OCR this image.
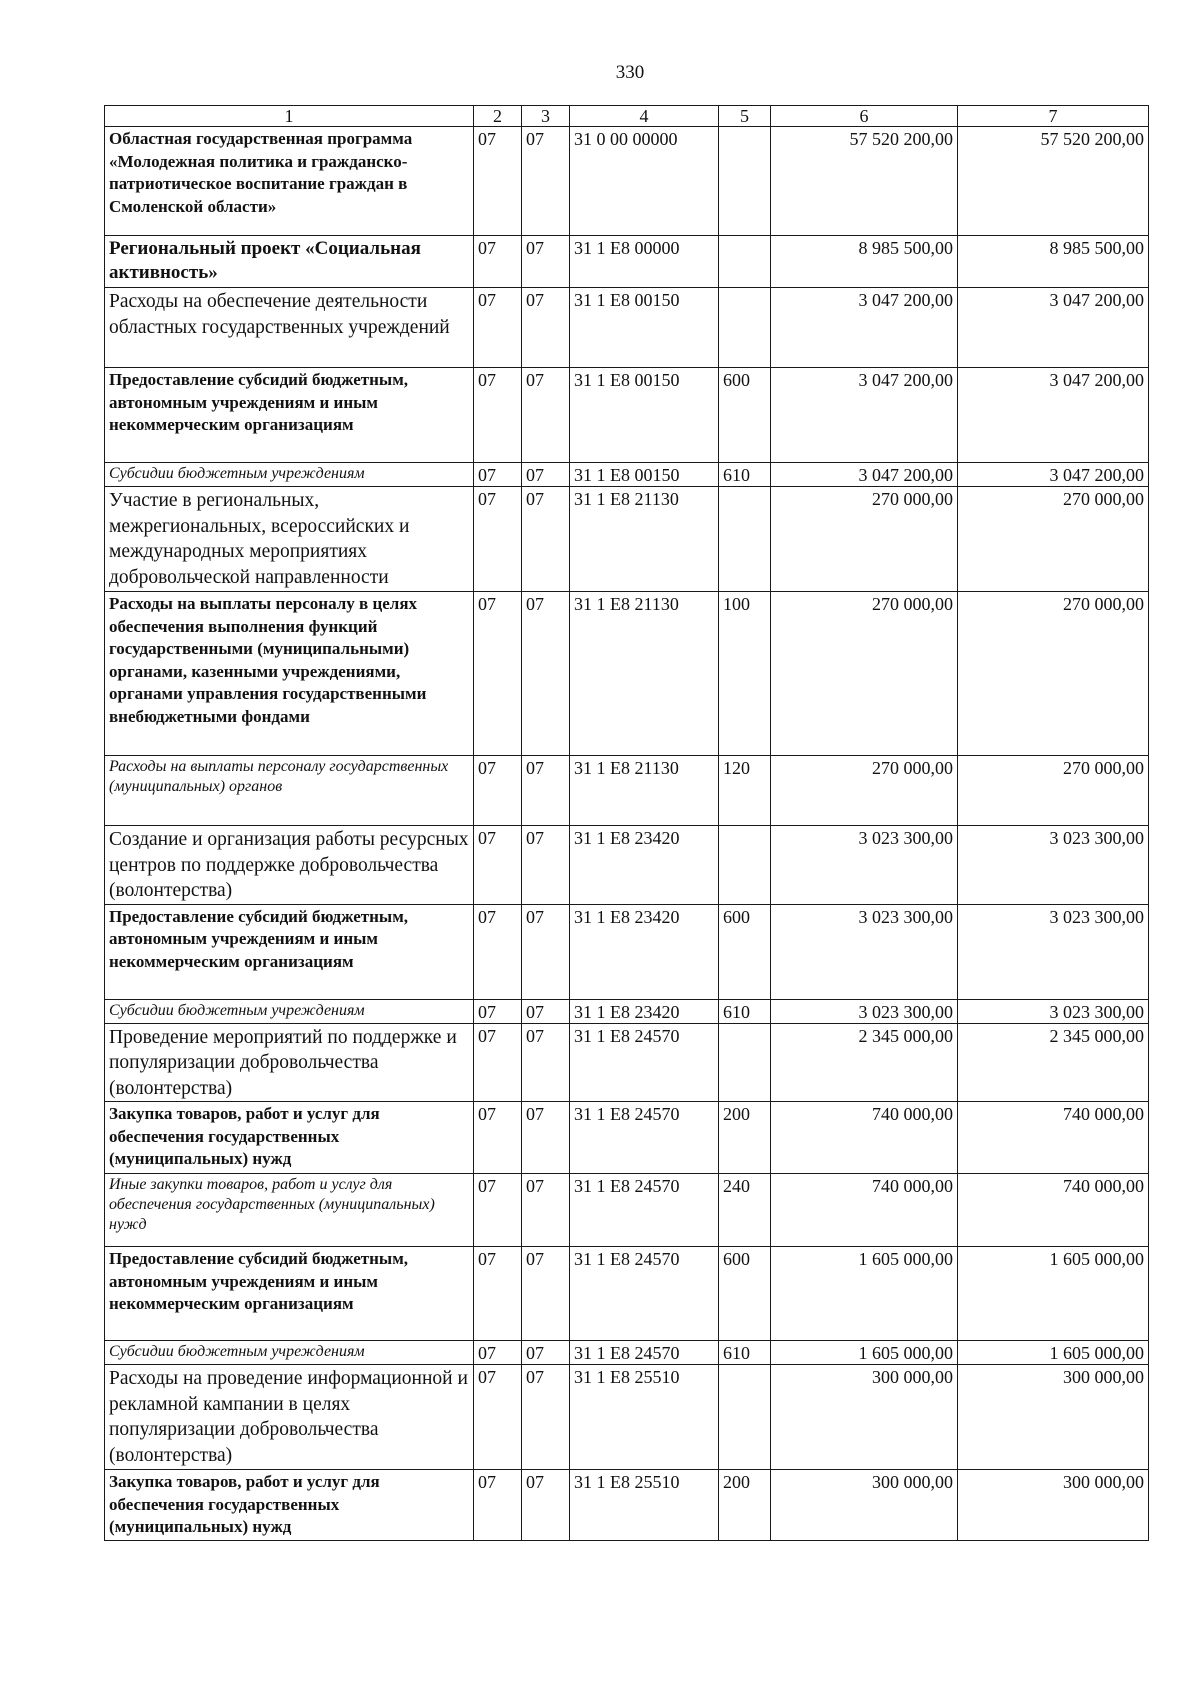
330
1	2	3	4	5	6	7
Областная государственная программа «Молодежная политика и гражданско-патриотическое воспитание граждан в Смоленской области»	07	07	31 0 00 00000		57 520 200,00	57 520 200,00
Региональный проект «Социальная активность»	07	07	31 1 E8 00000		8 985 500,00	8 985 500,00
Расходы на обеспечение деятельности областных государственных учреждений	07	07	31 1 E8 00150		3 047 200,00	3 047 200,00
Предоставление субсидий бюджетным, автономным учреждениям и иным некоммерческим организациям	07	07	31 1 E8 00150	600	3 047 200,00	3 047 200,00
Субсидии бюджетным учреждениям	07	07	31 1 E8 00150	610	3 047 200,00	3 047 200,00
Участие в региональных, межрегиональных, всероссийских и международных мероприятиях добровольческой направленности	07	07	31 1 E8 21130		270 000,00	270 000,00
Расходы на выплаты персоналу в целях обеспечения выполнения функций государственными (муниципальными) органами, казенными учреждениями, органами управления государственными внебюджетными фондами	07	07	31 1 E8 21130	100	270 000,00	270 000,00
Расходы на выплаты персоналу государственных (муниципальных) органов	07	07	31 1 E8 21130	120	270 000,00	270 000,00
Создание и организация работы ресурсных центров по поддержке добровольчества (волонтерства)	07	07	31 1 E8 23420		3 023 300,00	3 023 300,00
Предоставление субсидий бюджетным, автономным учреждениям и иным некоммерческим организациям	07	07	31 1 E8 23420	600	3 023 300,00	3 023 300,00
Субсидии бюджетным учреждениям	07	07	31 1 E8 23420	610	3 023 300,00	3 023 300,00
Проведение мероприятий по поддержке и популяризации добровольчества (волонтерства)	07	07	31 1 E8 24570		2 345 000,00	2 345 000,00
Закупка товаров, работ и услуг для обеспечения государственных (муниципальных) нужд	07	07	31 1 E8 24570	200	740 000,00	740 000,00
Иные закупки товаров, работ и услуг для обеспечения государственных (муниципальных) нужд	07	07	31 1 E8 24570	240	740 000,00	740 000,00
Предоставление субсидий бюджетным, автономным учреждениям и иным некоммерческим организациям	07	07	31 1 E8 24570	600	1 605 000,00	1 605 000,00
Субсидии бюджетным учреждениям	07	07	31 1 E8 24570	610	1 605 000,00	1 605 000,00
Расходы на проведение информационной и рекламной кампании в целях популяризации добровольчества (волонтерства)	07	07	31 1 E8 25510		300 000,00	300 000,00
Закупка товаров, работ и услуг для обеспечения государственных (муниципальных) нужд	07	07	31 1 E8 25510	200	300 000,00	300 000,00
